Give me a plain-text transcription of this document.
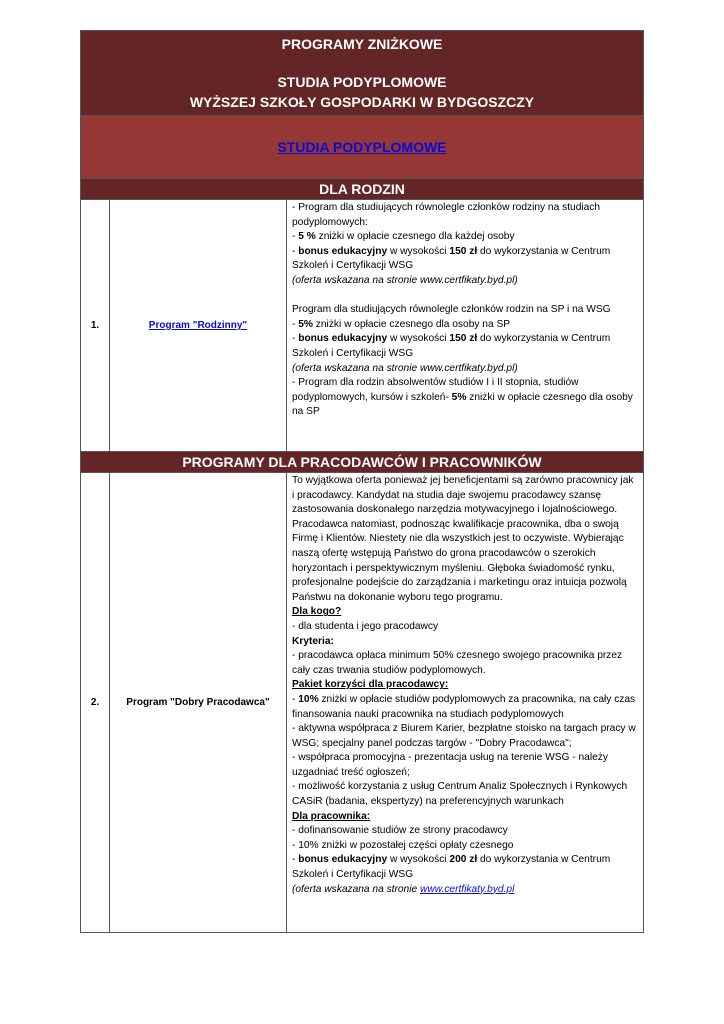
PROGRAMY ZNIŻKOWE
STUDIA PODYPLOMOWE
WYŻSZEJ SZKOŁY GOSPODARKI W BYDGOSZCZY
STUDIA PODYPLOMOWE
DLA RODZIN
1.	Program "Rodzinny"

- Program dla studiujących równolegle członków rodziny na studiach podyplomowych:

- 5 % zniżki w opłacie czesnego dla każdej osoby

- bonus edukacyjny w wysokości 150 zł do wykorzystania w Centrum Szkoleń i Certyfikacji WSG

(oferta wskazana na stronie www.certfikaty.byd.pl)

Program dla studiujących równolegle członków rodzin na SP i na WSG

- 5% zniżki w opłacie czesnego dla osoby na SP

- bonus edukacyjny w wysokości 150 zł do wykorzystania w Centrum Szkoleń i Certyfikacji WSG

(oferta wskazana na stronie www.certfikaty.byd.pl)

- Program dla rodzin absolwentów studiów I i II stopnia, studiów podyplomowych, kursów i szkoleń- 5% zniżki w opłacie czesnego dla osoby na SP

PROGRAMY DLA PRACODAWCÓW I PRACOWNIKÓW
2.	Program "Dobry Pracodawca"

To wyjątkowa oferta ponieważ jej beneficjentami są zarówno pracownicy jak i pracodawcy. Kandydat na studia daje swojemu pracodawcy szansę zastosowania doskonałego narzędzia motywacyjnego i lojalnościowego. Pracodawca natomiast, podnosząc kwalifikacje pracownika, dba o swoją Firmę i Klientów. Niestety nie dla wszystkich jest to oczywiste. Wybierając naszą ofertę wstępują Państwo do grona pracodawców o szerokich horyzontach i perspektywicznym myśleniu. Głęboka świadomość rynku, profesjonalne podejście do zarządzania i marketingu oraz intuicja pozwolą Państwu na dokonanie wyboru tego programu.

Dla kogo?

- dla studenta i jego pracodawcy

Kryteria:

- pracodawca opłaca minimum 50% czesnego swojego pracownika przez cały czas trwania studiów podyplomowych.

Pakiet korzyści dla pracodawcy:

- 10% zniżki w opłacie studiów podyplomowych za pracownika, na cały czas finansowania nauki pracownika na studiach podyplomowych

- aktywna współpraca z Biurem Karier, bezpłatne stoisko na targach pracy w WSG; specjalny panel podczas targów - "Dobry Pracodawca";

- współpraca promocyjna - prezentacja usług na terenie WSG - należy uzgadniać treść ogłoszeń;

- możliwość korzystania z usług Centrum Analiz Społecznych i Rynkowych CASiR (badania, ekspertyzy) na preferencyjnych warunkach

Dla pracownika:

- dofinansowanie studiów ze strony pracodawcy

- 10% zniżki w pozostałej części opłaty czesnego

- bonus edukacyjny w wysokości 200 zł do wykorzystania w Centrum Szkoleń i Certyfikacji WSG

(oferta wskazana na stronie www.certfikaty.byd.pl
